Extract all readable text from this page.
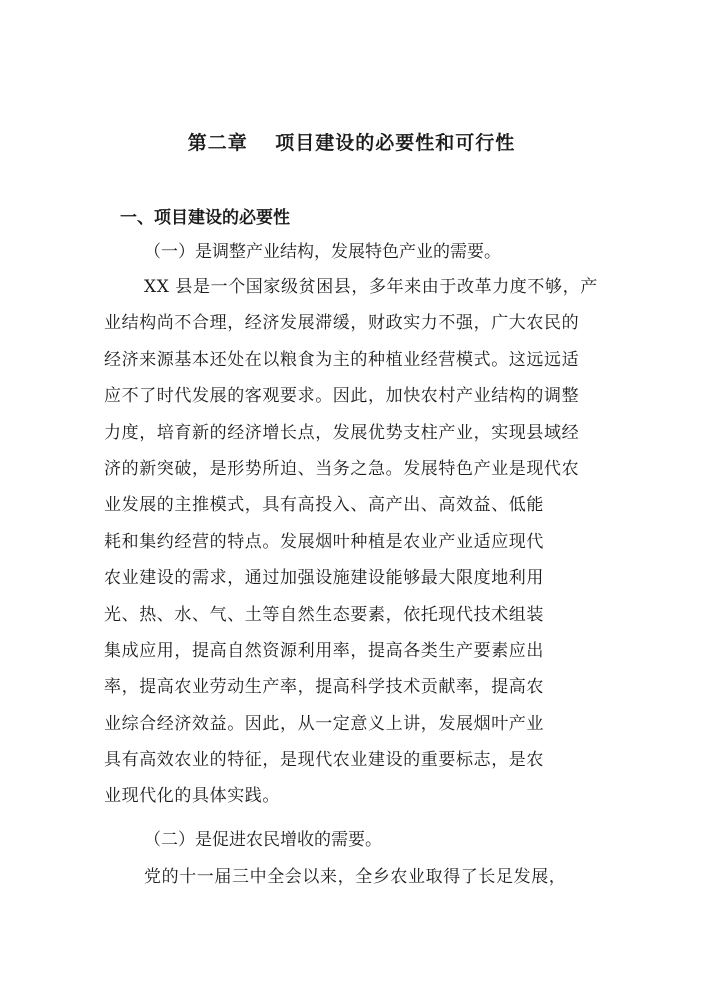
第二章　 项目建设的必要性和可行性
一、项目建设的必要性
（一）是调整产业结构，发展特色产业的需要。
XX 县是一个国家级贫困县，多年来由于改革力度不够，产
业结构尚不合理，经济发展滞缓，财政实力不强，广大农民的
经济来源基本还处在以粮食为主的种植业经营模式。这远远适
应不了时代发展的客观要求。因此，加快农村产业结构的调整
力度，培育新的经济增长点，发展优势支柱产业，实现县域经
济的新突破，是形势所迫、当务之急。发展特色产业是现代农
业发展的主推模式，具有高投入、高产出、高效益、低能
耗和集约经营的特点。发展烟叶种植是农业产业适应现代
农业建设的需求，通过加强设施建设能够最大限度地利用
光、热、水、气、土等自然生态要素，依托现代技术组装
集成应用，提高自然资源利用率，提高各类生产要素应出
率，提高农业劳动生产率，提高科学技术贡献率，提高农
业综合经济效益。因此，从一定意义上讲，发展烟叶产业
具有高效农业的特征，是现代农业建设的重要标志，是农
业现代化的具体实践。
（二）是促进农民增收的需要。
党的十一届三中全会以来，全乡农业取得了长足发展，
